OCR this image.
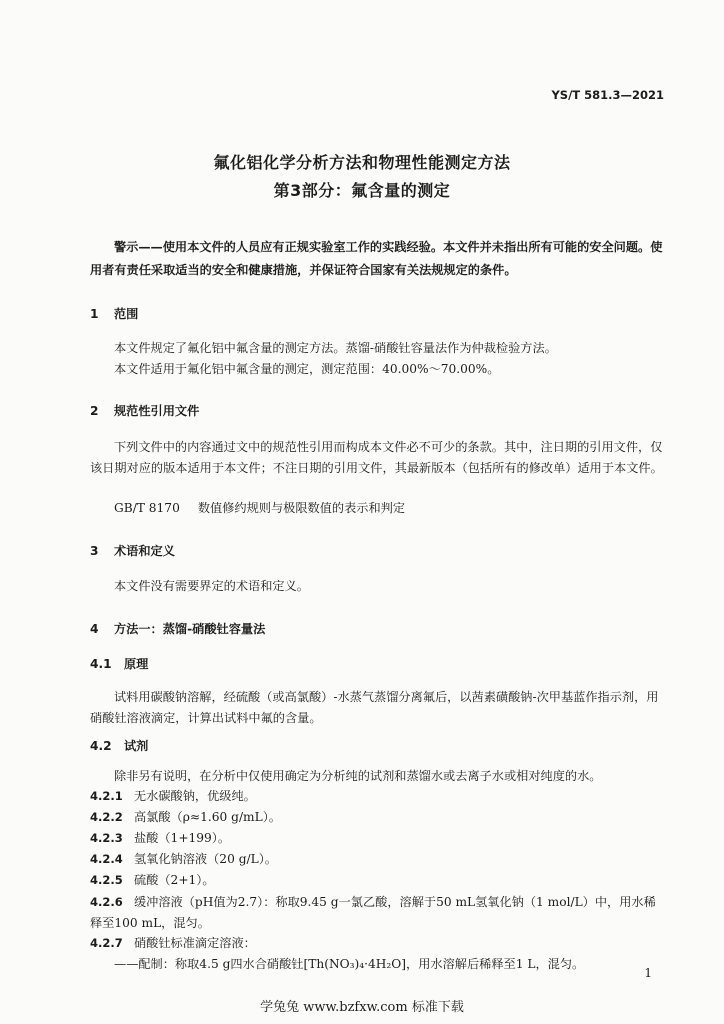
YS/T 581.3—2021
氟化铝化学分析方法和物理性能测定方法
第3部分：氟含量的测定
警示——使用本文件的人员应有正规实验室工作的实践经验。本文件并未指出所有可能的安全问题。使用者有责任采取适当的安全和健康措施，并保证符合国家有关法规规定的条件。
1 范围
本文件规定了氟化铝中氟含量的测定方法。蒸馏-硝酸钍容量法作为仲裁检验方法。
本文件适用于氟化铝中氟含量的测定，测定范围：40.00%～70.00%。
2 规范性引用文件
下列文件中的内容通过文中的规范性引用而构成本文件必不可少的条款。其中，注日期的引用文件，仅该日期对应的版本适用于本文件；不注日期的引用文件，其最新版本（包括所有的修改单）适用于本文件。
GB/T 8170 数值修约规则与极限数值的表示和判定
3 术语和定义
本文件没有需要界定的术语和定义。
4 方法一：蒸馏-硝酸钍容量法
4.1 原理
试料用碳酸钠溶解，经硫酸（或高氯酸）-水蒸气蒸馏分离氟后，以茜素磺酸钠-次甲基蓝作指示剂，用硝酸钍溶液滴定，计算出试料中氟的含量。
4.2 试剂
除非另有说明，在分析中仅使用确定为分析纯的试剂和蒸馏水或去离子水或相对纯度的水。
4.2.1 无水碳酸钠，优级纯。
4.2.2 高氯酸（ρ≈1.60 g/mL）。
4.2.3 盐酸（1+199）。
4.2.4 氢氧化钠溶液（20 g/L）。
4.2.5 硫酸（2+1）。
4.2.6 缓冲溶液（pH值为2.7）：称取9.45 g一氯乙酸，溶解于50 mL氢氧化钠（1 mol/L）中，用水稀释至100 mL，混匀。
4.2.7 硝酸钍标准滴定溶液：
——配制：称取4.5 g四水合硝酸钍[Th(NO₃)₄·4H₂O]，用水溶解后稀释至1 L，混匀。
1
学兔兔 www.bzfxw.com 标准下载
